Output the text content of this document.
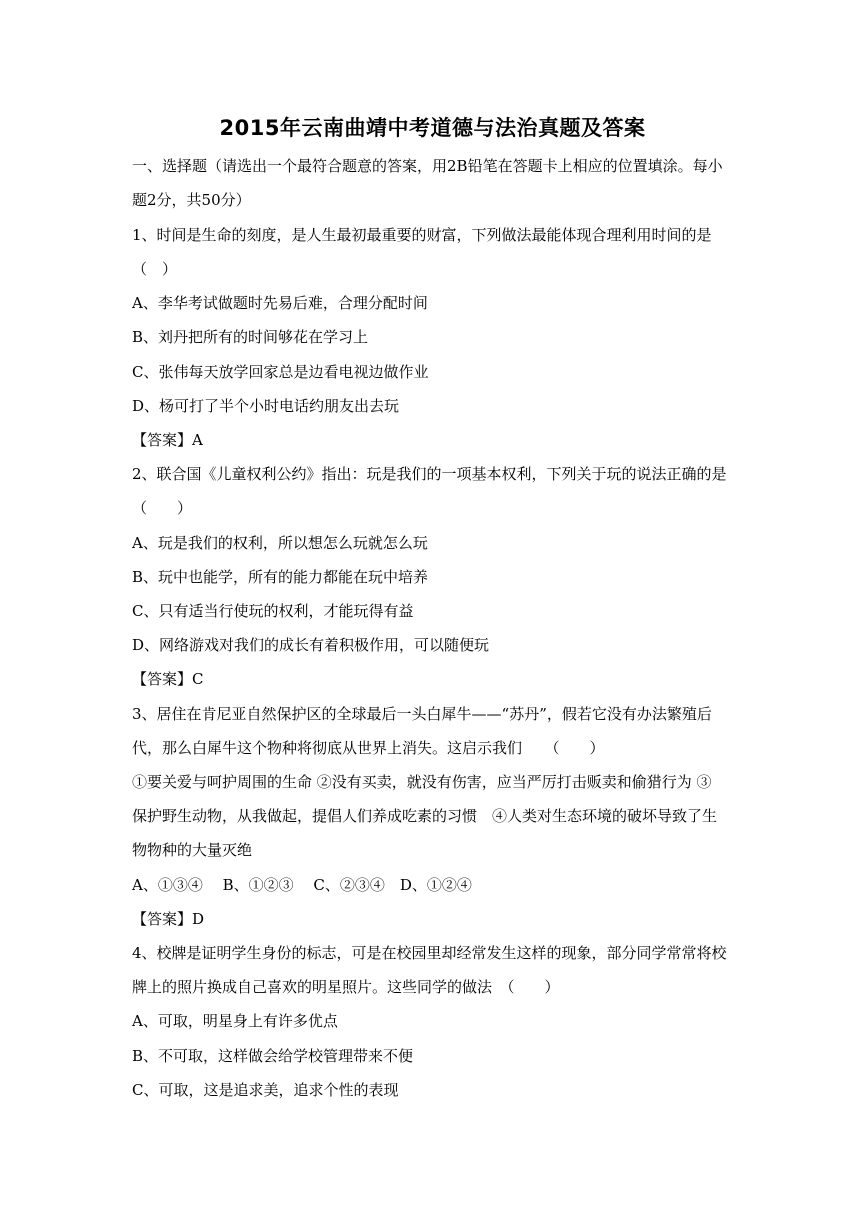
2015年云南曲靖中考道德与法治真题及答案
一、选择题（请选出一个最符合题意的答案，用2B铅笔在答题卡上相应的位置填涂。每小
题2分，共50分）
1、时间是生命的刻度，是人生最初最重要的财富，下列做法最能体现合理利用时间的是
（　）
A、李华考试做题时先易后难，合理分配时间
B、刘丹把所有的时间够花在学习上
C、张伟每天放学回家总是边看电视边做作业
D、杨可打了半个小时电话约朋友出去玩
【答案】A
2、联合国《儿童权利公约》指出：玩是我们的一项基本权利，下列关于玩的说法正确的是
（　　）
A、玩是我们的权利，所以想怎么玩就怎么玩
B、玩中也能学，所有的能力都能在玩中培养
C、只有适当行使玩的权利，才能玩得有益
D、网络游戏对我们的成长有着积极作用，可以随便玩
【答案】C
3、居住在肯尼亚自然保护区的全球最后一头白犀牛——“苏丹”，假若它没有办法繁殖后
代，那么白犀牛这个物种将彻底从世界上消失。这启示我们　　（　　）
①要关爱与呵护周围的生命 ②没有买卖，就没有伤害，应当严厉打击贩卖和偷猎行为 ③
保护野生动物，从我做起，提倡人们养成吃素的习惯　④人类对生态环境的破坏导致了生
物物种的大量灭绝
A、①③④　 B、①②③　 C、②③④　D、①②④
【答案】D
4、校牌是证明学生身份的标志，可是在校园里却经常发生这样的现象，部分同学常常将校
牌上的照片换成自己喜欢的明星照片。这些同学的做法　（　　）
A、可取，明星身上有许多优点
B、不可取，这样做会给学校管理带来不便
C、可取，这是追求美，追求个性的表现
